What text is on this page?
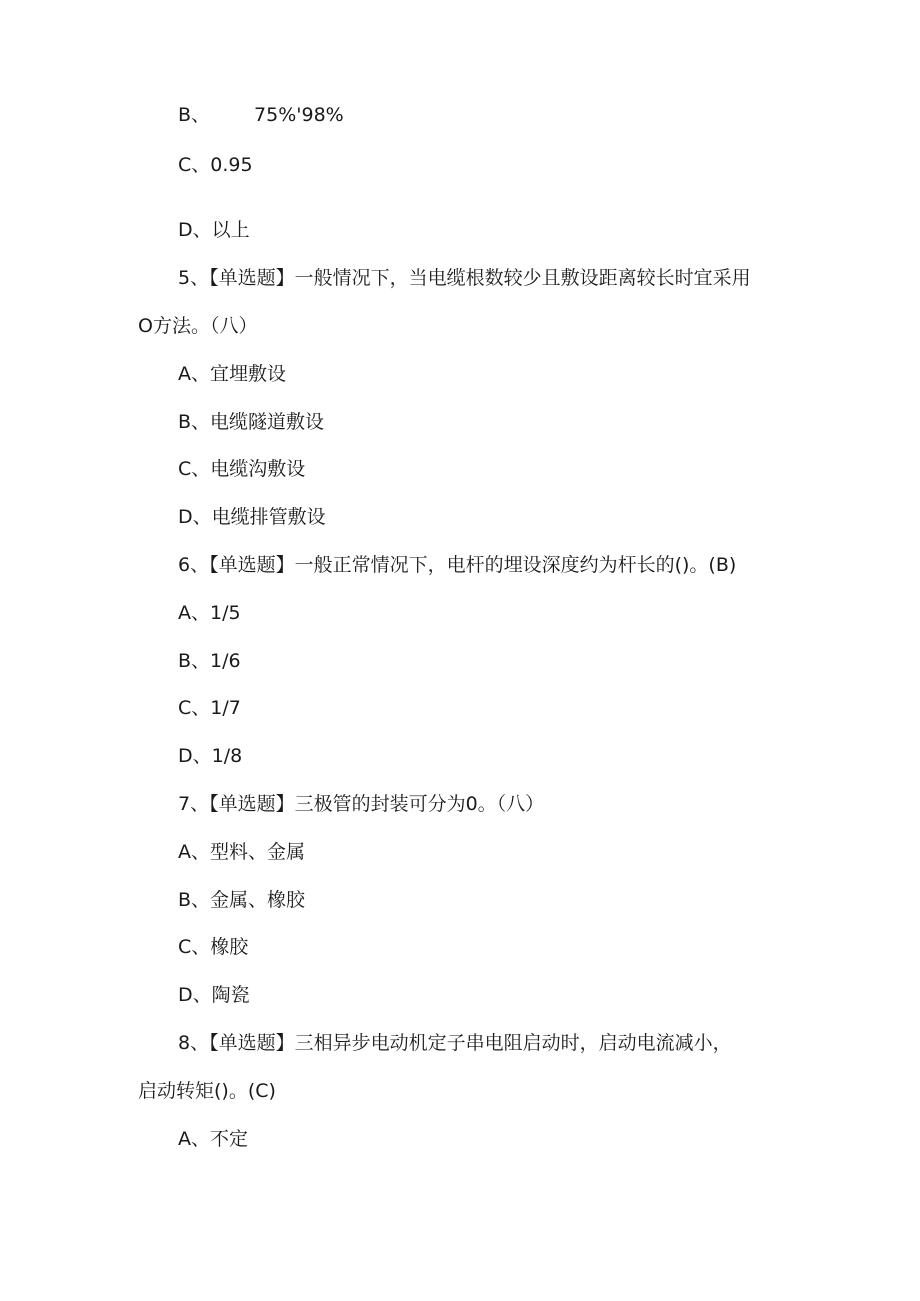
B、 75%'98%
C、0.95
D、以上
5、【单选题】一般情况下，当电缆根数较少且敷设距离较长时宜采用
O方法。（八）
A、宜埋敷设
B、电缆隧道敷设
C、电缆沟敷设
D、电缆排管敷设
6、【单选题】一般正常情况下，电杆的埋设深度约为杆长的()。(B)
A、1/5
B、1/6
C、1/7
D、1/8
7、【单选题】三极管的封装可分为0。（八）
A、型料、金属
B、金属、橡胶
C、橡胶
D、陶瓷
8、【单选题】三相异步电动机定子串电阻启动时，启动电流减小，
启动转矩()。(C)
A、不定
